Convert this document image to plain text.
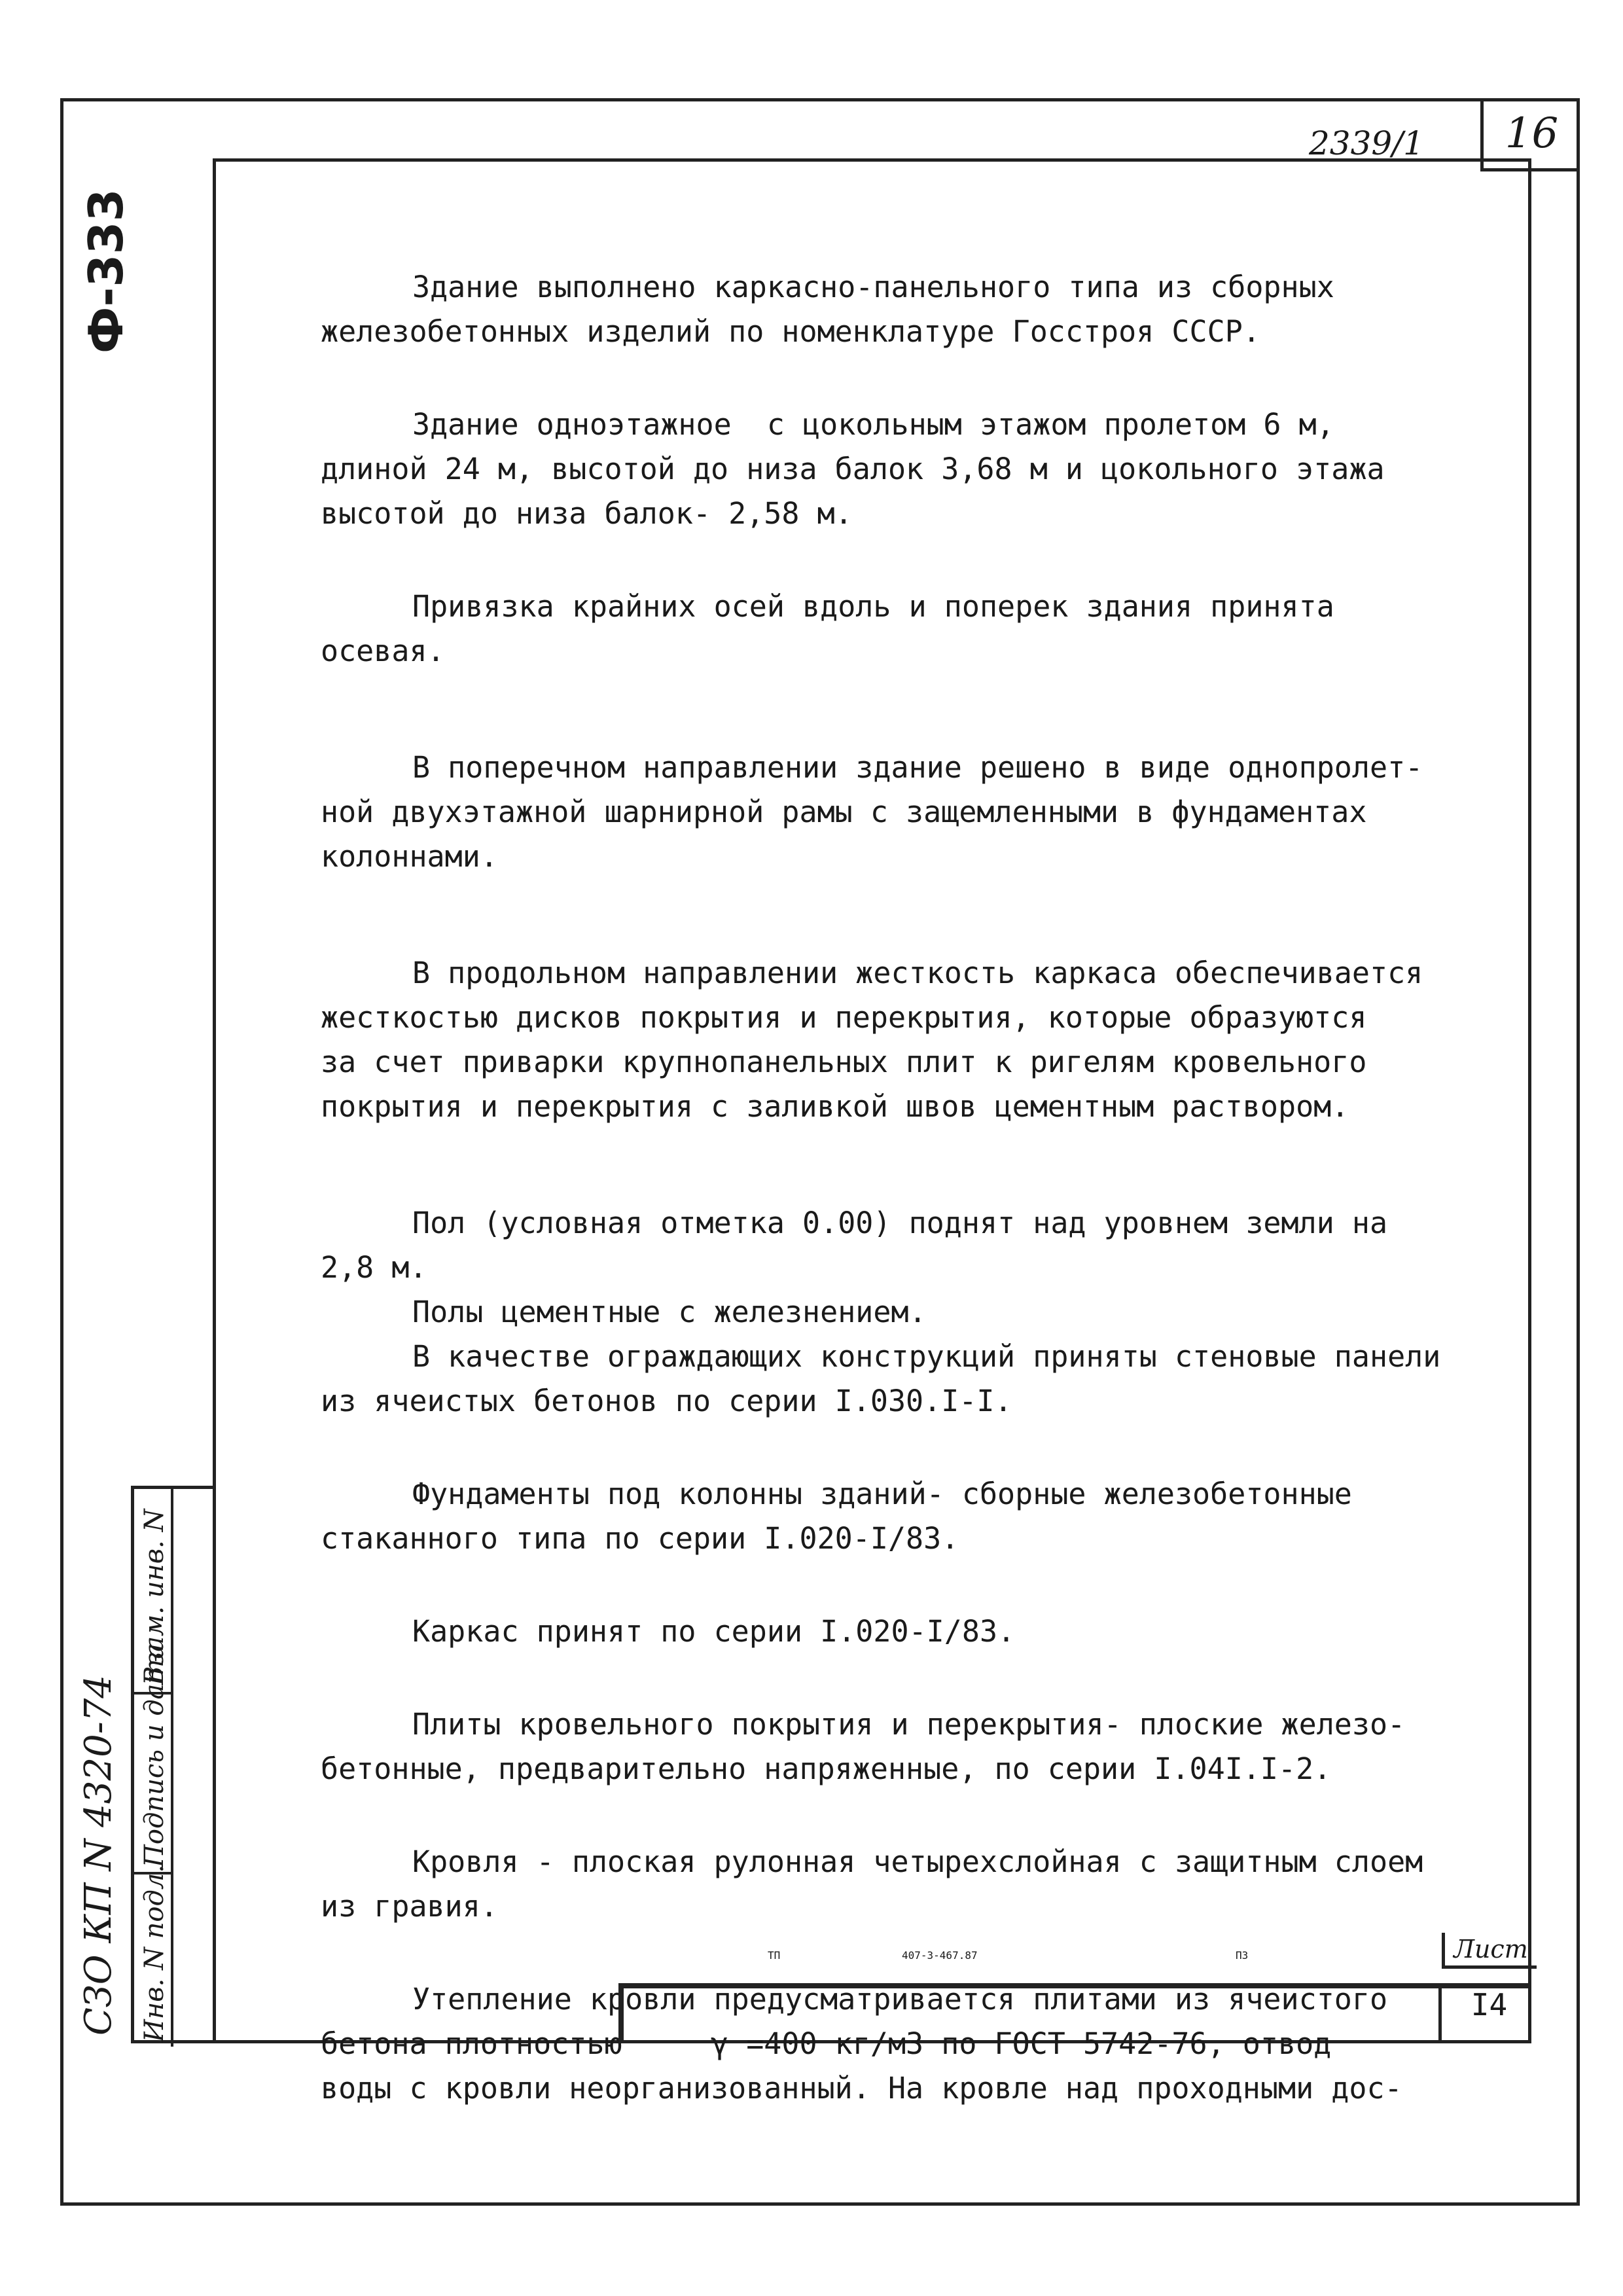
2339/1	16
Ф-333
Инв. N подл.
Подпись и дата
Взам. инв. N
СЗО КП N 4320-74
Здание выполнено каркасно-панельного типа из сборных
железобетонных изделий по номенклатуре Госстроя СССР.
Здание одноэтажное  с цокольным этажом пролетом 6 м,
длиной 24 м, высотой до низа балок 3,68 м и цокольного этажа
высотой до низа балок- 2,58 м.
Привязка крайних осей вдоль и поперек здания принята
осевая.
В поперечном направлении здание решено в виде однопролет-
ной двухэтажной шарнирной рамы с защемленными в фундаментах
колоннами.
В продольном направлении жесткость каркаса обеспечивается
жесткостью дисков покрытия и перекрытия, которые образуются
за счет приварки крупнопанельных плит к ригелям кровельного
покрытия и перекрытия с заливкой швов цементным раствором.
Пол (условная отметка 0.00) поднят над уровнем земли на
2,8 м.
Полы цементные с железнением.
В качестве ограждающих конструкций приняты стеновые панели
из ячеистых бетонов по серии I.030.I-I.
Фундаменты под колонны зданий- сборные железобетонные
стаканного типа по серии I.020-I/83.
Каркас принят по серии I.020-I/83.
Плиты кровельного покрытия и перекрытия- плоские железо-
бетонные, предварительно напряженные, по серии I.04I.I-2.
Кровля - плоская рулонная четырехслойная с защитным слоем
из гравия.
Утепление кровли предусматривается плитами из ячеистого
бетона плотностью     γ =400 кг/м3 по ГОСТ 5742-76, отвод
воды с кровли неорганизованный. На кровле над проходными дос-
ТП	407-3-467.87	ПЗ	Лист
I4
